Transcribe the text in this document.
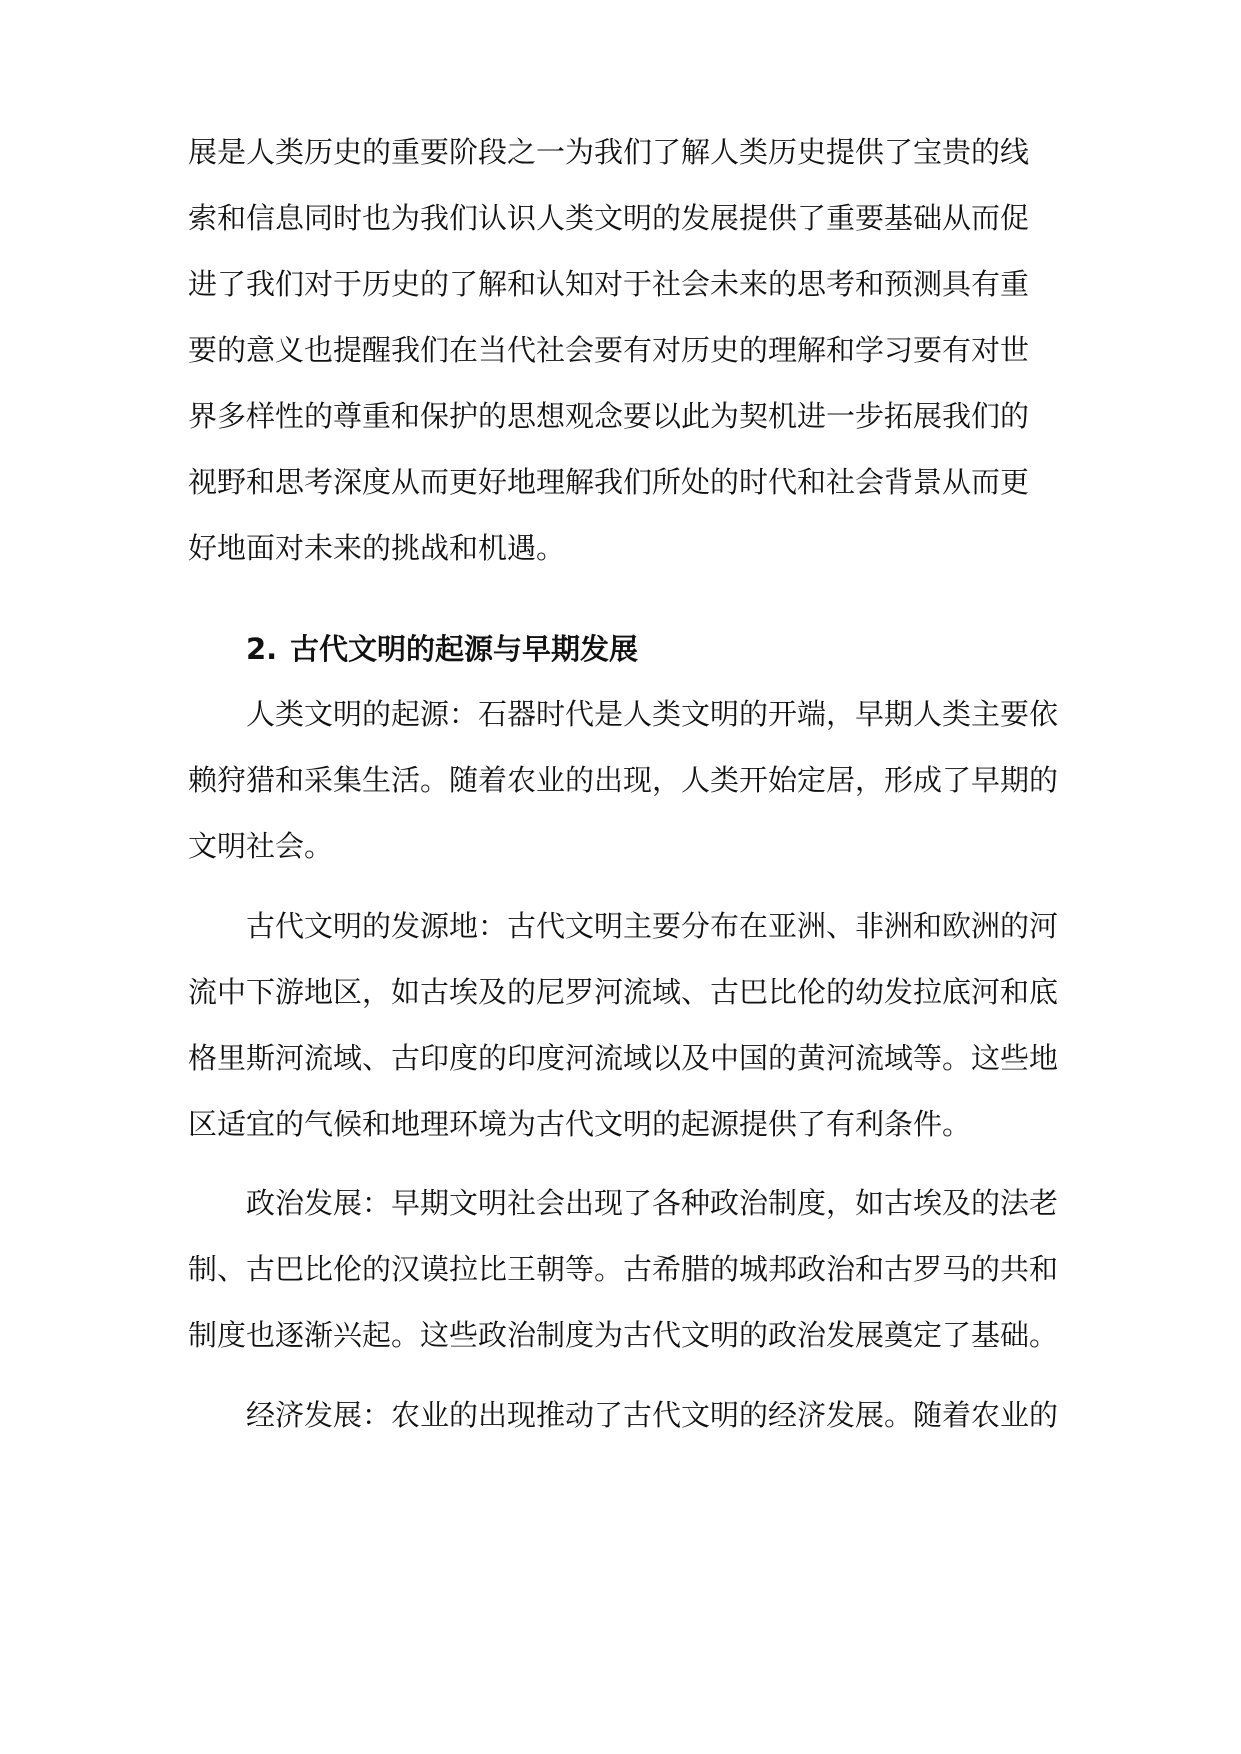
展是人类历史的重要阶段之一为我们了解人类历史提供了宝贵的线
索和信息同时也为我们认识人类文明的发展提供了重要基础从而促
进了我们对于历史的了解和认知对于社会未来的思考和预测具有重
要的意义也提醒我们在当代社会要有对历史的理解和学习要有对世
界多样性的尊重和保护的思想观念要以此为契机进一步拓展我们的
视野和思考深度从而更好地理解我们所处的时代和社会背景从而更
好地面对未来的挑战和机遇。
2. 古代文明的起源与早期发展
人类文明的起源：石器时代是人类文明的开端，早期人类主要依
赖狩猎和采集生活。随着农业的出现，人类开始定居，形成了早期的
文明社会。
古代文明的发源地：古代文明主要分布在亚洲、非洲和欧洲的河
流中下游地区，如古埃及的尼罗河流域、古巴比伦的幼发拉底河和底
格里斯河流域、古印度的印度河流域以及中国的黄河流域等。这些地
区适宜的气候和地理环境为古代文明的起源提供了有利条件。
政治发展：早期文明社会出现了各种政治制度，如古埃及的法老
制、古巴比伦的汉谟拉比王朝等。古希腊的城邦政治和古罗马的共和
制度也逐渐兴起。这些政治制度为古代文明的政治发展奠定了基础。
经济发展：农业的出现推动了古代文明的经济发展。随着农业的
